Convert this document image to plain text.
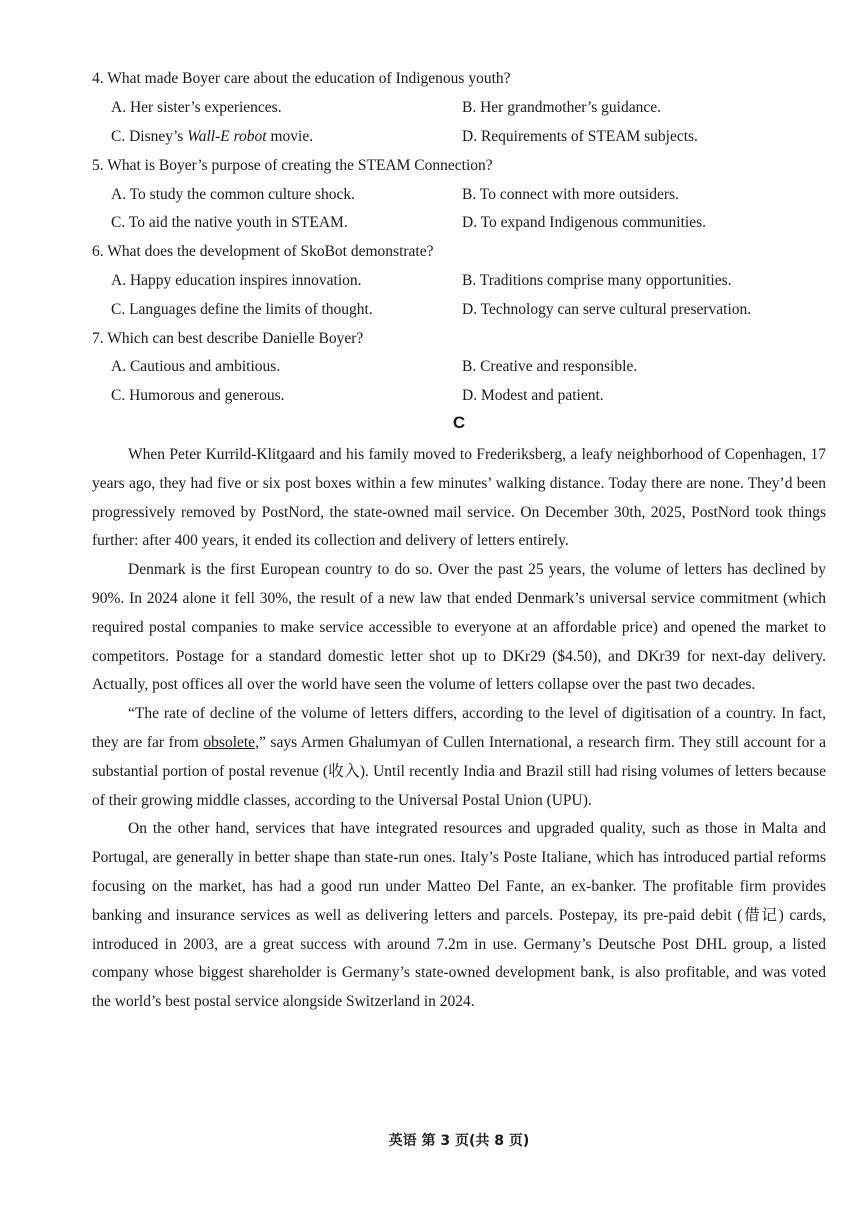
4. What made Boyer care about the education of Indigenous youth?
A. Her sister’s experiences.	B. Her grandmother’s guidance.
C. Disney’s Wall-E robot movie.	D. Requirements of STEAM subjects.
5. What is Boyer’s purpose of creating the STEAM Connection?
A. To study the common culture shock.	B. To connect with more outsiders.
C. To aid the native youth in STEAM.	D. To expand Indigenous communities.
6. What does the development of SkoBot demonstrate?
A. Happy education inspires innovation.	B. Traditions comprise many opportunities.
C. Languages define the limits of thought.	D. Technology can serve cultural preservation.
7. Which can best describe Danielle Boyer?
A. Cautious and ambitious.	B. Creative and responsible.
C. Humorous and generous.	D. Modest and patient.
C

When Peter Kurrild-Klitgaard and his family moved to Frederiksberg, a leafy neighborhood of Copenhagen, 17 years ago, they had five or six post boxes within a few minutes’ walking distance. Today there are none. They’d been progressively removed by PostNord, the state-owned mail service. On December 30th, 2025, PostNord took things further: after 400 years, it ended its collection and delivery of letters entirely.

Denmark is the first European country to do so. Over the past 25 years, the volume of letters has declined by 90%. In 2024 alone it fell 30%, the result of a new law that ended Denmark’s universal service commitment (which required postal companies to make service accessible to everyone at an affordable price) and opened the market to competitors. Postage for a standard domestic letter shot up to DKr29 ($4.50), and DKr39 for next-day delivery. Actually, post offices all over the world have seen the volume of letters collapse over the past two decades.

“The rate of decline of the volume of letters differs, according to the level of digitisation of a country. In fact, they are far from obsolete,” says Armen Ghalumyan of Cullen International, a research firm. They still account for a substantial portion of postal revenue (收入). Until recently India and Brazil still had rising volumes of letters because of their growing middle classes, according to the Universal Postal Union (UPU).

On the other hand, services that have integrated resources and upgraded quality, such as those in Malta and Portugal, are generally in better shape than state-run ones. Italy’s Poste Italiane, which has introduced partial reforms focusing on the market, has had a good run under Matteo Del Fante, an ex-banker. The profitable firm provides banking and insurance services as well as delivering letters and parcels. Postepay, its pre-paid debit (借记) cards, introduced in 2003, are a great success with around 7.2m in use. Germany’s Deutsche Post DHL group, a listed company whose biggest shareholder is Germany’s state-owned development bank, is also profitable, and was voted the world’s best postal service alongside Switzerland in 2024.

英语 第 3 页(共 8 页)
